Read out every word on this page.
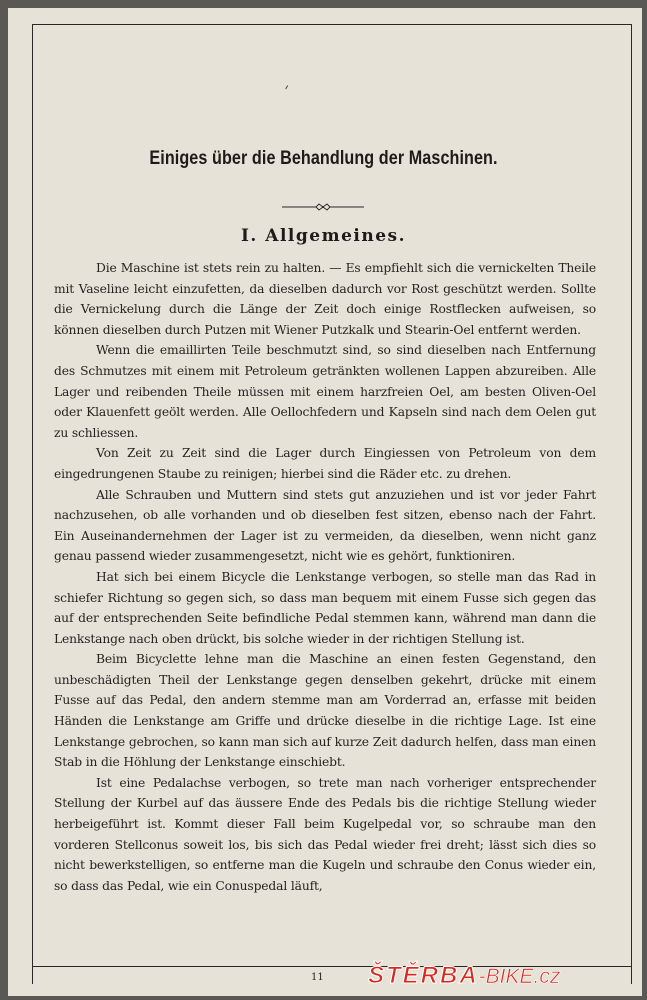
Einiges über die Behandlung der Maschinen.
I. Allgemeines.

Die Maschine ist stets rein zu halten. — Es empfiehlt sich die vernickelten Theile mit Vaseline leicht einzufetten, da dieselben dadurch vor Rost geschützt werden. Sollte die Vernickelung durch die Länge der Zeit doch einige Rostflecken aufweisen, so können dieselben durch Putzen mit Wiener Putzkalk und Stearin-Oel entfernt werden.

Wenn die emaillirten Teile beschmutzt sind, so sind dieselben nach Entfernung des Schmutzes mit einem mit Petroleum getränkten wollenen Lappen abzureiben. Alle Lager und reibenden Theile müssen mit einem harzfreien Oel, am besten Oliven-Oel oder Klauenfett geölt werden. Alle Oellochfedern und Kapseln sind nach dem Oelen gut zu schliessen.

Von Zeit zu Zeit sind die Lager durch Eingiessen von Petroleum von dem eingedrungenen Staube zu reinigen; hierbei sind die Räder etc. zu drehen.

Alle Schrauben und Muttern sind stets gut anzuziehen und ist vor jeder Fahrt nachzusehen, ob alle vorhanden und ob dieselben fest sitzen, ebenso nach der Fahrt. Ein Auseinandernehmen der Lager ist zu vermeiden, da dieselben, wenn nicht ganz genau passend wieder zusammengesetzt, nicht wie es gehört, funktioniren.

Hat sich bei einem Bicycle die Lenkstange verbogen, so stelle man das Rad in schiefer Richtung so gegen sich, so dass man bequem mit einem Fusse sich gegen das auf der entsprechenden Seite befindliche Pedal stemmen kann, während man dann die Lenkstange nach oben drückt, bis solche wieder in der richtigen Stellung ist.

Beim Bicyclette lehne man die Maschine an einen festen Gegenstand, den unbeschädigten Theil der Lenkstange gegen denselben gekehrt, drücke mit einem Fusse auf das Pedal, den andern stemme man am Vorderrad an, erfasse mit beiden Händen die Lenkstange am Griffe und drücke dieselbe in die richtige Lage. Ist eine Lenkstange gebrochen, so kann man sich auf kurze Zeit dadurch helfen, dass man einen Stab in die Höhlung der Lenkstange einschiebt.

Ist eine Pedalachse verbogen, so trete man nach vorheriger entsprechender Stellung der Kurbel auf das äussere Ende des Pedals bis die richtige Stellung wieder herbeigeführt ist. Kommt dieser Fall beim Kugelpedal vor, so schraube man den vorderen Stellconus soweit los, bis sich das Pedal wieder frei dreht; lässt sich dies so nicht bewerkstelligen, so entferne man die Kugeln und schraube den Conus wieder ein, so dass das Pedal, wie ein Conuspedal läuft,

11 ŠTĚRBA-BIKE.cz
